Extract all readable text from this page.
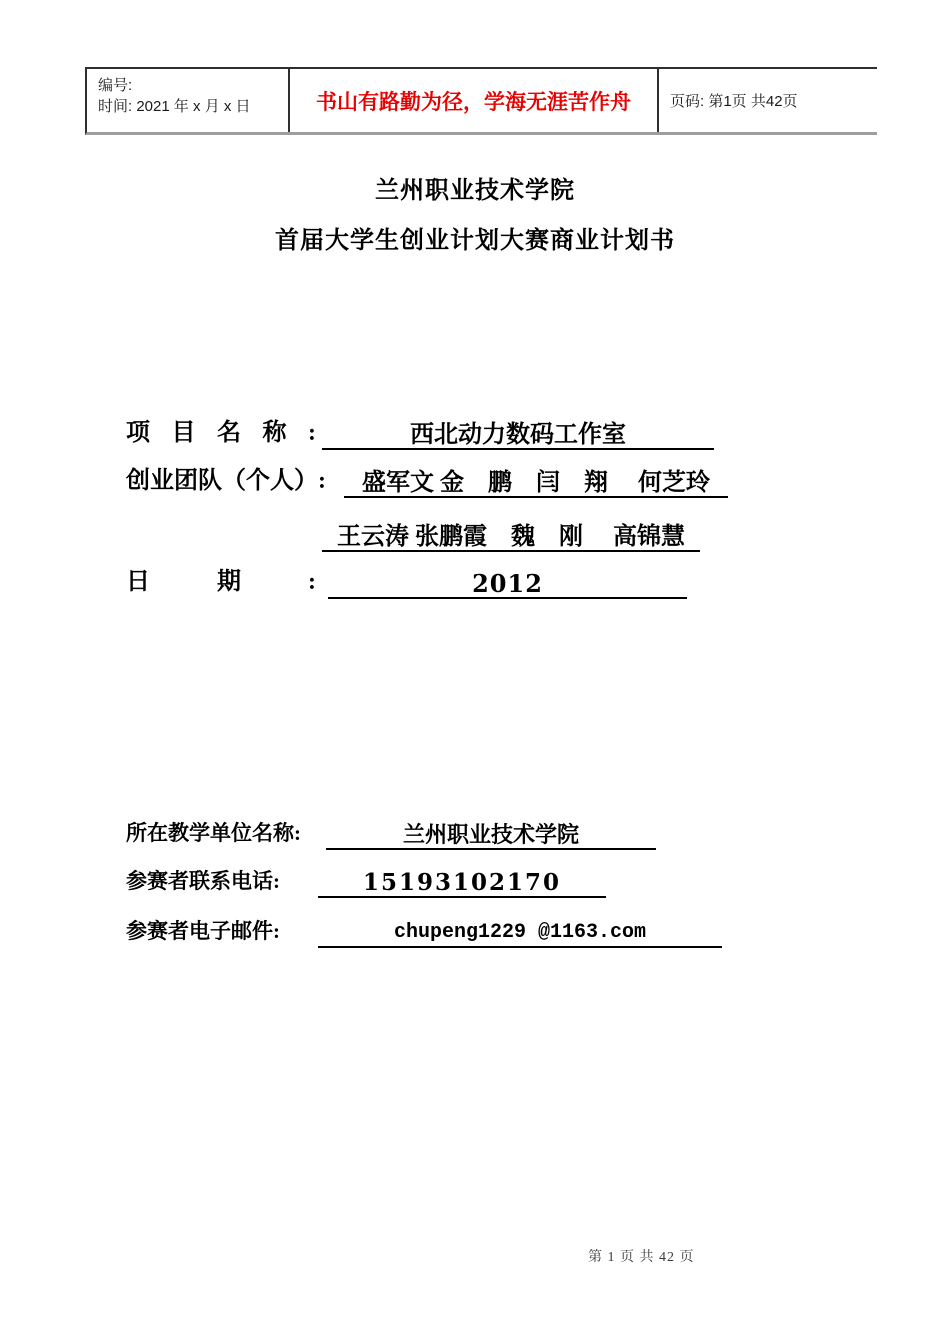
编号:
时间: 2021 年 x 月 x 日	书山有路勤为径，学海无涯苦作舟	页码: 第1页 共42页
兰州职业技术学院
首届大学生创业计划大赛商业计划书
项目名称:	西北动力数码工作室
创业团队（个人）:	盛军文 金　鹏　闫　翔　 何芝玲
王云涛 张鹏霞　魏　刚　 高锦慧
日期:	2012
所在教学单位名称:	兰州职业技术学院
参赛者联系电话:	15193102170
参赛者电子邮件:	chupeng1229 @1163.com
第 1 页 共 42 页
